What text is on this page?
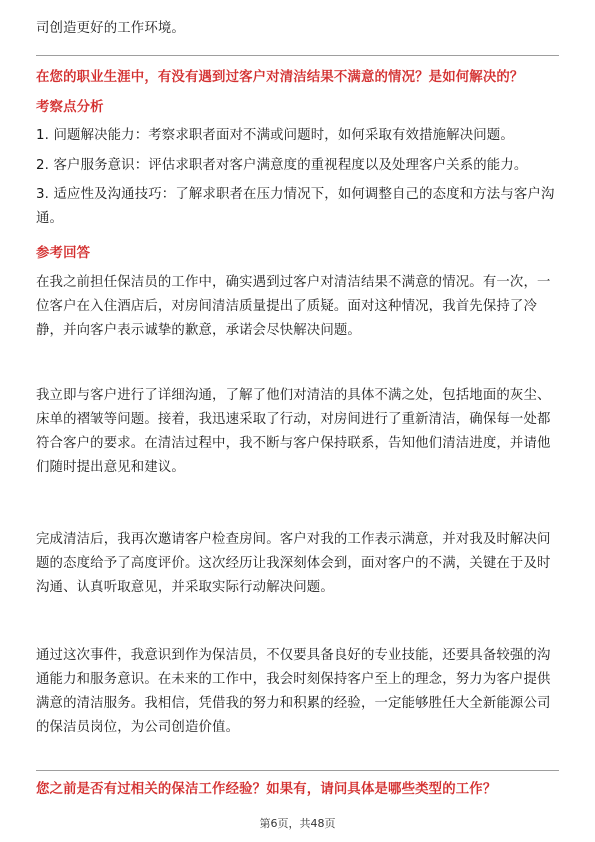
司创造更好的工作环境。
在您的职业生涯中，有没有遇到过客户对清洁结果不满意的情况？是如何解决的？
考察点分析
1. 问题解决能力：考察求职者面对不满或问题时，如何采取有效措施解决问题。
2. 客户服务意识：评估求职者对客户满意度的重视程度以及处理客户关系的能力。
3. 适应性及沟通技巧：了解求职者在压力情况下，如何调整自己的态度和方法与客户沟通。
参考回答
在我之前担任保洁员的工作中，确实遇到过客户对清洁结果不满意的情况。有一次，一位客户在入住酒店后，对房间清洁质量提出了质疑。面对这种情况，我首先保持了冷静，并向客户表示诚挚的歉意，承诺会尽快解决问题。
我立即与客户进行了详细沟通，了解了他们对清洁的具体不满之处，包括地面的灰尘、床单的褶皱等问题。接着，我迅速采取了行动，对房间进行了重新清洁，确保每一处都符合客户的要求。在清洁过程中，我不断与客户保持联系，告知他们清洁进度，并请他们随时提出意见和建议。
完成清洁后，我再次邀请客户检查房间。客户对我的工作表示满意，并对我及时解决问题的态度给予了高度评价。这次经历让我深刻体会到，面对客户的不满，关键在于及时沟通、认真听取意见，并采取实际行动解决问题。
通过这次事件，我意识到作为保洁员，不仅要具备良好的专业技能，还要具备较强的沟通能力和服务意识。在未来的工作中，我会时刻保持客户至上的理念，努力为客户提供满意的清洁服务。我相信，凭借我的努力和积累的经验，一定能够胜任大全新能源公司的保洁员岗位，为公司创造价值。
您之前是否有过相关的保洁工作经验？如果有，请问具体是哪些类型的工作？
第6页，共48页
